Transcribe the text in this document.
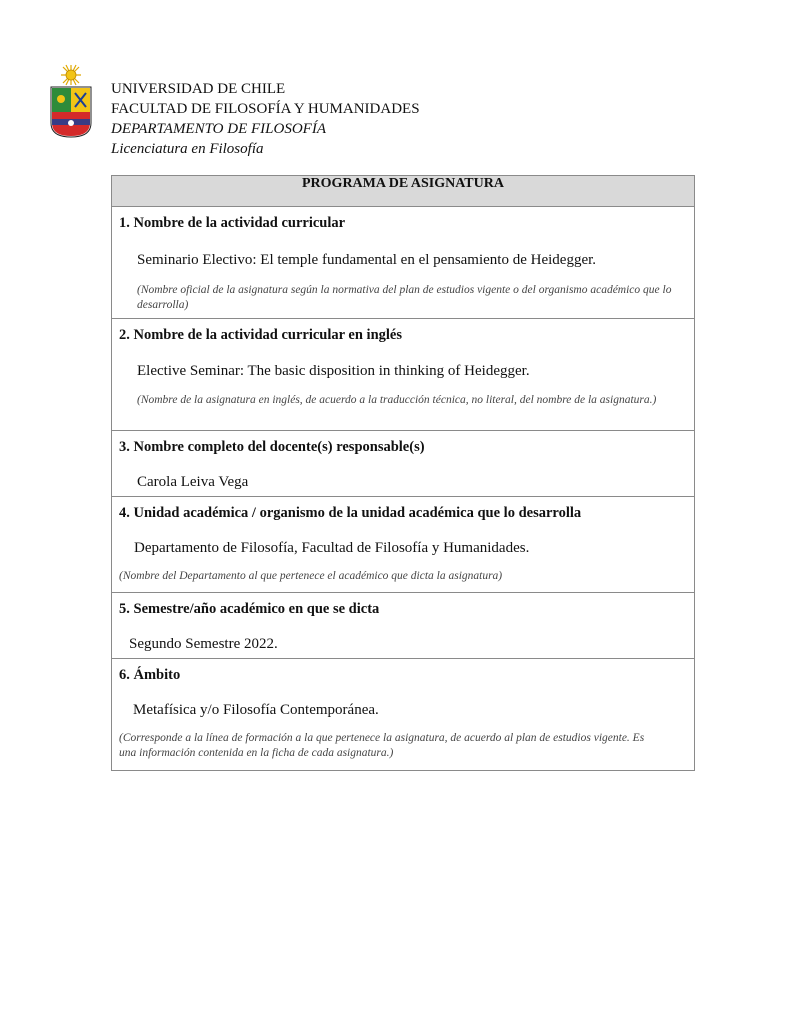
UNIVERSIDAD DE CHILE
FACULTAD DE FILOSOFÍA Y HUMANIDADES
DEPARTAMENTO DE FILOSOFÍA
Licenciatura en Filosofía
PROGRAMA DE ASIGNATURA

1. Nombre de la actividad curricular
Seminario Electivo: El temple fundamental en el pensamiento de Heidegger.
(Nombre oficial de la asignatura según la normativa del plan de estudios vigente o del organismo académico que lo desarrolla)

2. Nombre de la actividad curricular en inglés
Elective Seminar: The basic disposition in thinking of Heidegger.
(Nombre de la asignatura en inglés, de acuerdo a la traducción técnica, no literal, del nombre de la asignatura.)

3. Nombre completo del docente(s) responsable(s)
Carola Leiva Vega

4. Unidad académica / organismo de la unidad académica que lo desarrolla
Departamento de Filosofía, Facultad de Filosofía y Humanidades.
(Nombre del Departamento al que pertenece el académico que dicta la asignatura)

5. Semestre/año académico en que se dicta
Segundo Semestre 2022.

6. Ámbito
Metafísica y/o Filosofía Contemporánea.
(Corresponde a la línea de formación a la que pertenece la asignatura, de acuerdo al plan de estudios vigente. Es una información contenida en la ficha de cada asignatura.)
